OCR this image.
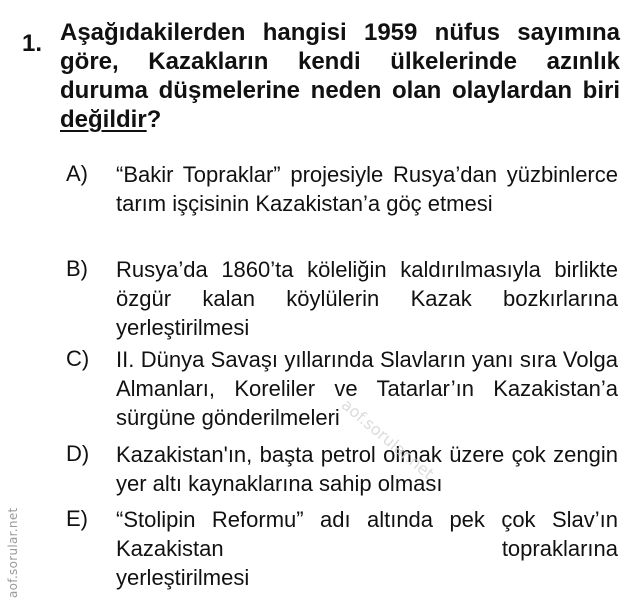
1. Aşağıdakilerden hangisi 1959 nüfus sayımına göre, Kazakların kendi ülkelerinde azınlık duruma düşmelerine neden olan olaylardan biri değildir?
A) “Bakir Topraklar” projesiyle Rusya’dan yüzbinlerce tarım işçisinin Kazakistan’a göç etmesi
B) Rusya’da 1860’ta köleliğin kaldırılmasıyla birlikte özgür kalan köylülerin Kazak bozkırlarına yerleştirilmesi
C) II. Dünya Savaşı yıllarında Slavların yanı sıra Volga Almanları, Koreliler ve Tatarlar’ın Kazakistan’a sürgüne gönderilmeleri
D) Kazakistan'ın, başta petrol olmak üzere çok zengin yer altı kaynaklarına sahip olması
E) “Stolipin Reformu” adı altında pek çok Slav’ın Kazakistan topraklarına
yerleştirilmesi
aof.sorular.net
aof.sorular.net
